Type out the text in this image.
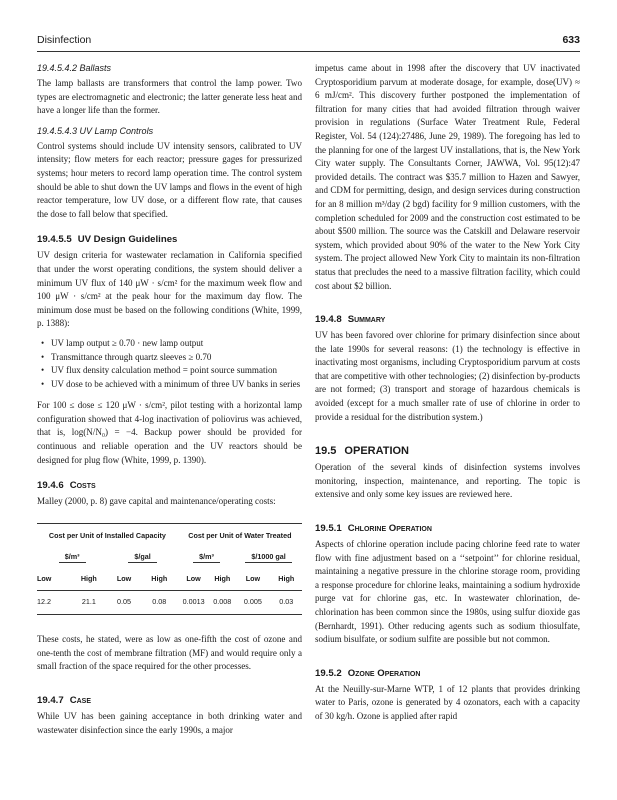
Disinfection	633
19.4.5.4.2 Ballasts

The lamp ballasts are transformers that control the lamp power. Two types are electromagnetic and electronic; the latter generate less heat and have a longer life than the former.

19.4.5.4.3 UV Lamp Controls

Control systems should include UV intensity sensors, calibrated to UV intensity; flow meters for each reactor; pressure gages for pressurized systems; hour meters to record lamp operation time. The control system should be able to shut down the UV lamps and flows in the event of high reactor temperature, low UV dose, or a different flow rate, that causes the dose to fall below that specified.

19.4.5.5 UV Design Guidelines

UV design criteria for wastewater reclamation in California specified that under the worst operating conditions, the system should deliver a minimum UV flux of 140 μW · s/cm² for the maximum week flow and 100 μW · s/cm² at the peak hour for the maximum day flow. The minimum dose must be based on the following conditions (White, 1999, p. 1388):

• UV lamp output ≥ 0.70 · new lamp output
• Transmittance through quartz sleeves ≥ 0.70
• UV flux density calculation method = point source summation
• UV dose to be achieved with a minimum of three UV banks in series

For 100 ≤ dose ≤ 120 μW · s/cm², pilot testing with a horizontal lamp configuration showed that 4-log inactivation of poliovirus was achieved, that is, log(N/N₀) = −4. Backup power should be provided for continuous and reliable operation and the UV reactors should be designed for plug flow (White, 1999, p. 1390).

19.4.6 Costs

Malley (2000, p. 8) gave capital and maintenance/operating costs:

Cost per Unit of Installed Capacity				Cost per Unit of Water Treated			
$/m³		$/gal		$/m³		$/1000 gal	
Low	High	Low	High	Low	High	Low	High
12.2	21.1	0.05	0.08	0.0013	0.008	0.005	0.03

These costs, he stated, were as low as one-fifth the cost of ozone and one-tenth the cost of membrane filtration (MF) and would require only a small fraction of the space required for the other processes.

19.4.7 Case

While UV has been gaining acceptance in both drinking water and wastewater disinfection since the early 1990s, a major

impetus came about in 1998 after the discovery that UV inactivated Cryptosporidium parvum at moderate dosage, for example, dose(UV) ≈ 6 mJ/cm². This discovery further postponed the implementation of filtration for many cities that had avoided filtration through waiver provision in regulations (Surface Water Treatment Rule, Federal Register, Vol. 54 (124):27486, June 29, 1989). The foregoing has led to the planning for one of the largest UV installations, that is, the New York City water supply. The Consultants Corner, JAWWA, Vol. 95(12):47 provided details. The contract was $35.7 million to Hazen and Sawyer, and CDM for permitting, design, and design services during construction for an 8 million m³/day (2 bgd) facility for 9 million customers, with the completion scheduled for 2009 and the construction cost estimated to be about $500 million. The source was the Catskill and Delaware reservoir system, which provided about 90% of the water to the New York City system. The project allowed New York City to maintain its non-filtration status that precludes the need to a massive filtration facility, which could cost about $2 billion.

19.4.8 Summary

UV has been favored over chlorine for primary disinfection since about the late 1990s for several reasons: (1) the technology is effective in inactivating most organisms, including Cryptosporidium parvum at costs that are competitive with other technologies; (2) disinfection by-products are not formed; (3) transport and storage of hazardous chemicals is avoided (except for a much smaller rate of use of chlorine in order to provide a residual for the distribution system.)

19.5 OPERATION

Operation of the several kinds of disinfection systems involves monitoring, inspection, maintenance, and reporting. The topic is extensive and only some key issues are reviewed here.

19.5.1 Chlorine Operation

Aspects of chlorine operation include pacing chlorine feed rate to water flow with fine adjustment based on a ‘‘setpoint’’ for chlorine residual, maintaining a negative pressure in the chlorine storage room, providing a response procedure for chlorine leaks, maintaining a sodium hydroxide purge vat for chlorine gas, etc. In wastewater chlorination, de-chlorination has been common since the 1980s, using sulfur dioxide gas (Bernhardt, 1991). Other reducing agents such as sodium thiosulfate, sodium bisulfate, or sodium sulfite are possible but not common.

19.5.2 Ozone Operation

At the Neuilly-sur-Marne WTP, 1 of 12 plants that provides drinking water to Paris, ozone is generated by 4 ozonators, each with a capacity of 30 kg/h. Ozone is applied after rapid
